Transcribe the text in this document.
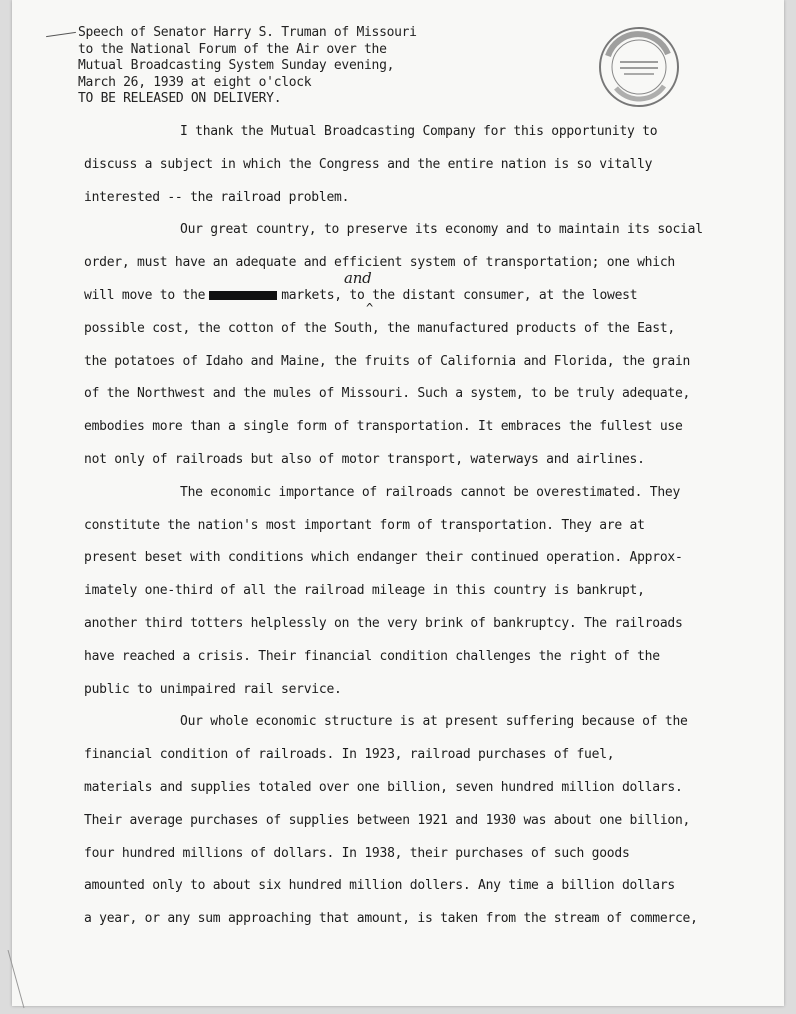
Speech of Senator Harry S. Truman of Missouri
to the National Forum of the Air over the
Mutual Broadcasting System Sunday evening,
March 26, 1939 at eight o'clock
TO BE RELEASED ON DELIVERY.
I thank the Mutual Broadcasting Company for this opportunity to
discuss a subject in which the Congress and the entire nation is so vitally
interested -- the railroad problem.
Our great country, to preserve its economy and to maintain its social
order, must have an adequate and efficient system of transportation; one which
will move to the	markets, to the distant consumer, at the lowest
and
^
possible cost, the cotton of the South, the manufactured products of the East,
the potatoes of Idaho and Maine, the fruits of California and Florida, the grain
of the Northwest and the mules of Missouri. Such a system, to be truly adequate,
embodies more than a single form of transportation. It embraces the fullest use
not only of railroads but also of motor transport, waterways and airlines.
The economic importance of railroads cannot be overestimated. They
constitute the nation's most important form of transportation. They are at
present beset with conditions which endanger their continued operation. Approx-
imately one-third of all the railroad mileage in this country is bankrupt,
another third totters helplessly on the very brink of bankruptcy. The railroads
have reached a crisis. Their financial condition challenges the right of the
public to unimpaired rail service.
Our whole economic structure is at present suffering because of the
financial condition of railroads. In 1923, railroad purchases of fuel,
materials and supplies totaled over one billion, seven hundred million dollars.
Their average purchases of supplies between 1921 and 1930 was about one billion,
four hundred millions of dollars. In 1938, their purchases of such goods
amounted only to about six hundred million dollers. Any time a billion dollars
a year, or any sum approaching that amount, is taken from the stream of commerce,
